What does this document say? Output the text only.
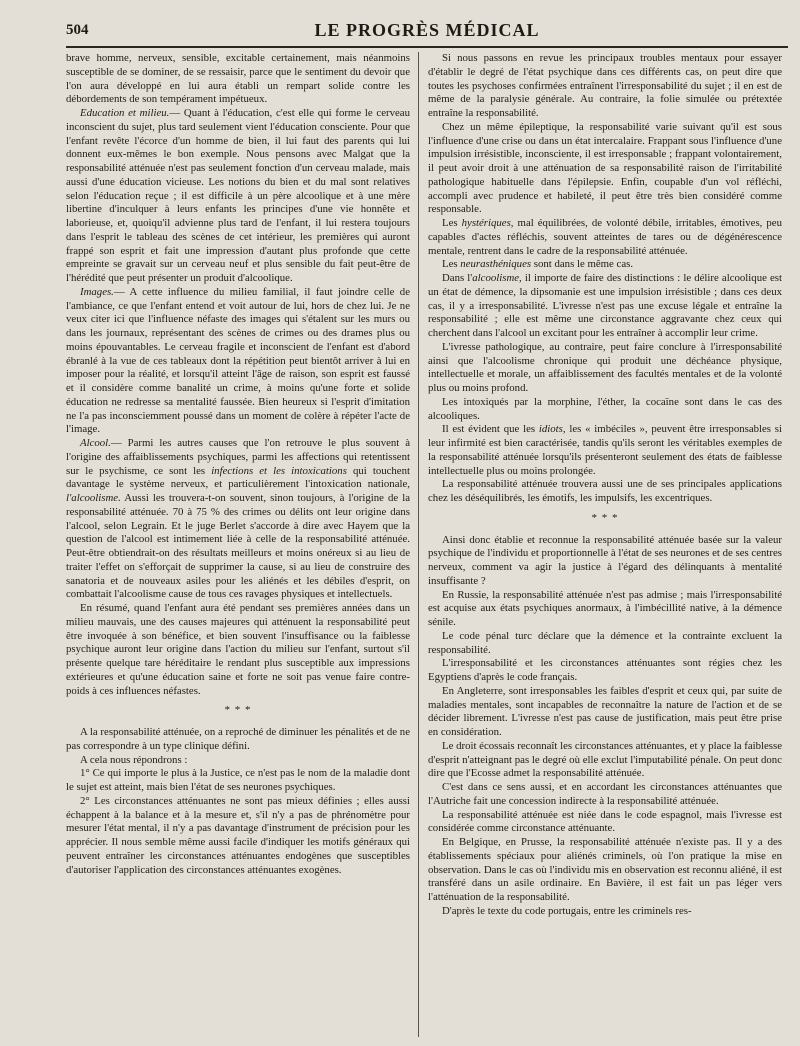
504	LE PROGRÈS MÉDICAL

brave homme, nerveux, sensible, excitable certainement, mais néanmoins susceptible de se dominer, de se ressaisir, parce que le sentiment du devoir que l'on aura développé en lui aura établi un rempart solide contre les débordements de son tempérament impétueux.

Education et milieu.— Quant à l'éducation, c'est elle qui forme le cerveau inconscient du sujet, plus tard seulement vient l'éducation consciente. Pour que l'enfant revête l'écorce d'un homme de bien, il lui faut des parents qui lui donnent eux-mêmes le bon exemple. Nous pensons avec Malgat que la responsabilité atténuée n'est pas seulement fonction d'un cerveau malade, mais aussi d'une éducation vicieuse. Les notions du bien et du mal sont relatives selon l'éducation reçue ; il est difficile à un père alcoolique et à une mère libertine d'inculquer à leurs enfants les principes d'une vie honnête et laborieuse, et, quoiqu'il advienne plus tard de l'enfant, il lui restera toujours dans l'esprit le tableau des scènes de cet intérieur, les premières qui auront frappé son esprit et fait une impression d'autant plus profonde que cette empreinte se gravait sur un cerveau neuf et plus sensible du fait peut-être de l'hérédité que peut présenter un produit d'alcoolique.

Images.— A cette influence du milieu familial, il faut joindre celle de l'ambiance, ce que l'enfant entend et voit autour de lui, hors de chez lui. Je ne veux citer ici que l'influence néfaste des images qui s'étalent sur les murs ou dans les journaux, représentant des scènes de crimes ou des drames plus ou moins épouvantables. Le cerveau fragile et inconscient de l'enfant est d'abord ébranlé à la vue de ces tableaux dont la répétition peut bientôt arriver à lui en imposer pour la réalité, et lorsqu'il atteint l'âge de raison, son esprit est faussé et il considère comme banalité un crime, à moins qu'une forte et solide éducation ne redresse sa mentalité faussée. Bien heureux si l'esprit d'imitation ne l'a pas inconsciemment poussé dans un moment de colère à répéter l'acte de l'image.

Alcool.— Parmi les autres causes que l'on retrouve le plus souvent à l'origine des affaiblissements psychiques, parmi les affections qui retentissent sur le psychisme, ce sont les infections et les intoxications qui touchent davantage le système nerveux, et particulièrement l'intoxication nationale, l'alcoolisme. Aussi les trouvera-t-on souvent, sinon toujours, à l'origine de la responsabilité atténuée. 70 à 75 % des crimes ou délits ont leur origine dans l'alcool, selon Legrain. Et le juge Berlet s'accorde à dire avec Hayem que la question de l'alcool est intimement liée à celle de la responsabilité atténuée. Peut-être obtiendrait-on des résultats meilleurs et moins onéreux si au lieu de traiter l'effet on s'efforçait de supprimer la cause, si au lieu de construire des sanatoria et de nouveaux asiles pour les aliénés et les débiles d'esprit, on combattait l'alcoolisme cause de tous ces ravages physiques et intellectuels.

En résumé, quand l'enfant aura été pendant ses premières années dans un milieu mauvais, une des causes majeures qui atténuent la responsabilité peut être invoquée à son bénéfice, et bien souvent l'insuffisance ou la faiblesse psychique auront leur origine dans l'action du milieu sur l'enfant, surtout s'il présente quelque tare héréditaire le rendant plus susceptible aux impressions extérieures et qu'une éducation saine et forte ne soit pas venue faire contre-poids à ces influences néfastes.

* * *

A la responsabilité atténuée, on a reproché de diminuer les pénalités et de ne pas correspondre à un type clinique défini.

A cela nous répondrons :

1° Ce qui importe le plus à la Justice, ce n'est pas le nom de la maladie dont le sujet est atteint, mais bien l'état de ses neurones psychiques.

2° Les circonstances atténuantes ne sont pas mieux définies ; elles aussi échappent à la balance et à la mesure et, s'il n'y a pas de phrénomètre pour mesurer l'état mental, il n'y a pas davantage d'instrument de précision pour les apprécier. Il nous semble même aussi facile d'indiquer les motifs généraux qui peuvent entraîner les circonstances atténuantes endogènes que susceptibles d'autoriser l'application des circonstances atténuantes exogènes.

Si nous passons en revue les principaux troubles mentaux pour essayer d'établir le degré de l'état psychique dans ces différents cas, on peut dire que toutes les psychoses confirmées entraînent l'irresponsabilité du sujet ; il en est de même de la paralysie générale. Au contraire, la folie simulée ou prétextée entraîne la responsabilité.

Chez un même épileptique, la responsabilité varie suivant qu'il est sous l'influence d'une crise ou dans un état intercalaire. Frappant sous l'influence d'une impulsion irrésistible, inconsciente, il est irresponsable ; frappant volontairement, il peut avoir droit à une atténuation de sa responsabilité raison de l'irritabilité pathologique habituelle dans l'épilepsie. Enfin, coupable d'un vol réfléchi, accompli avec prudence et habileté, il peut être très bien considéré comme responsable.

Les hystériques, mal équilibrées, de volonté débile, irritables, émotives, peu capables d'actes réfléchis, souvent atteintes de tares ou de dégénérescence mentale, rentrent dans le cadre de la responsabilité atténuée.

Les neurasthéniques sont dans le même cas.

Dans l'alcoolisme, il importe de faire des distinctions : le délire alcoolique est un état de démence, la dipsomanie est une impulsion irrésistible ; dans ces deux cas, il y a irresponsabilité. L'ivresse n'est pas une excuse légale et entraîne la responsabilité ; elle est même une circonstance aggravante chez ceux qui cherchent dans l'alcool un excitant pour les entraîner à accomplir leur crime.

L'ivresse pathologique, au contraire, peut faire conclure à l'irresponsabilité ainsi que l'alcoolisme chronique qui produit une déchéance physique, intellectuelle et morale, un affaiblissement des facultés mentales et de la volonté plus ou moins profond.

Les intoxiqués par la morphine, l'éther, la cocaïne sont dans le cas des alcooliques.

Il est évident que les idiots, les « imbéciles », peuvent être irresponsables si leur infirmité est bien caractérisée, tandis qu'ils seront les véritables exemples de la responsabilité atténuée lorsqu'ils présenteront seulement des états de faiblesse intellectuelle plus ou moins prolongée.

La responsabilité atténuée trouvera aussi une de ses principales applications chez les déséquilibrés, les émotifs, les impulsifs, les excentriques.

* * *

Ainsi donc établie et reconnue la responsabilité atténuée basée sur la valeur psychique de l'individu et proportionnelle à l'état de ses neurones et de ses centres nerveux, comment va agir la justice à l'égard des délinquants à mentalité insuffisante ?

En Russie, la responsabilité atténuée n'est pas admise ; mais l'irresponsabilité est acquise aux états psychiques anormaux, à l'imbécillité native, à la démence sénile.

Le code pénal turc déclare que la démence et la contrainte excluent la responsabilité.

L'irresponsabilité et les circonstances atténuantes sont régies chez les Egyptiens d'après le code français.

En Angleterre, sont irresponsables les faibles d'esprit et ceux qui, par suite de maladies mentales, sont incapables de reconnaître la nature de l'action et de se décider librement. L'ivresse n'est pas cause de justification, mais peut être prise en considération.

Le droit écossais reconnaît les circonstances atténuantes, et y place la faiblesse d'esprit n'atteignant pas le degré où elle exclut l'imputabilité pénale. On peut donc dire que l'Ecosse admet la responsabilité atténuée.

C'est dans ce sens aussi, et en accordant les circonstances atténuantes que l'Autriche fait une concession indirecte à la responsabilité atténuée.

La responsabilité atténuée est niée dans le code espagnol, mais l'ivresse est considérée comme circonstance atténuante.

En Belgique, en Prusse, la responsabilité atténuée n'existe pas. Il y a des établissements spéciaux pour aliénés criminels, où l'on pratique la mise en observation. Dans le cas où l'individu mis en observation est reconnu aliéné, il est transféré dans un asile ordinaire. En Bavière, il est fait un pas léger vers l'atténuation de la responsabilité.

D'après le texte du code portugais, entre les criminels res-
